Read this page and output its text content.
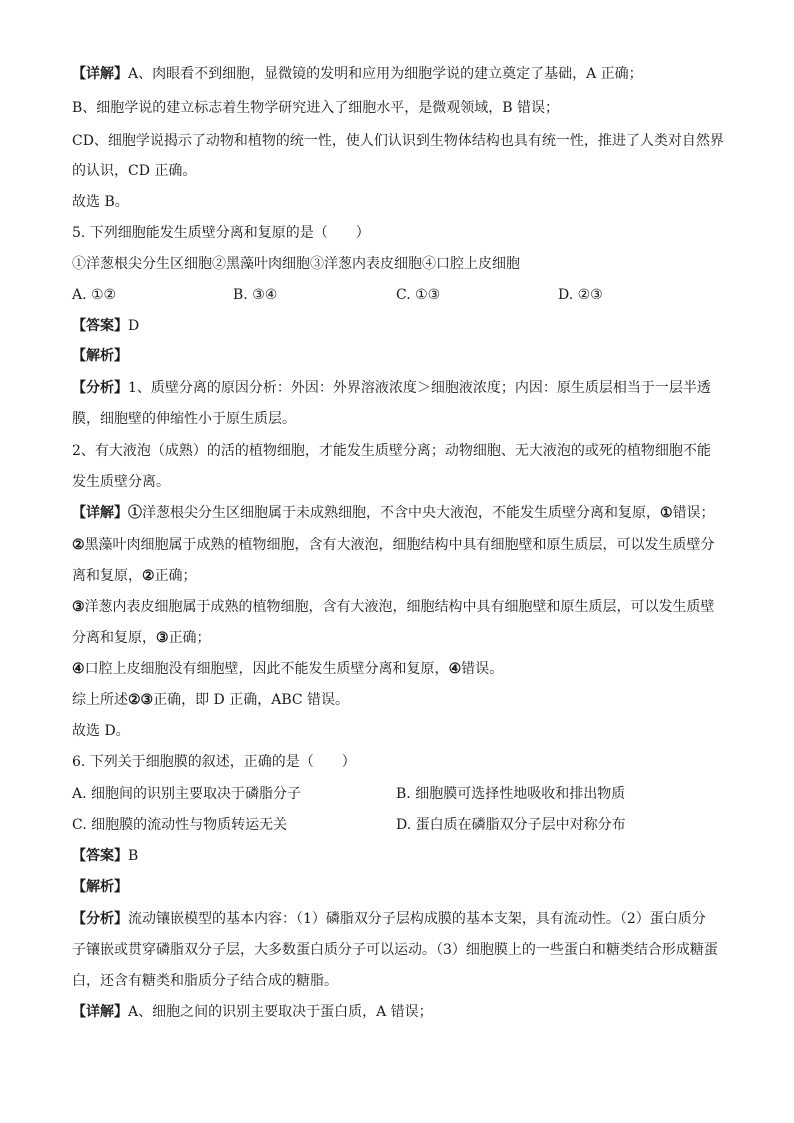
【详解】A、肉眼看不到细胞，显微镜的发明和应用为细胞学说的建立奠定了基础，A 正确；
B、细胞学说的建立标志着生物学研究进入了细胞水平，是微观领域，B 错误；
CD、细胞学说揭示了动物和植物的统一性，使人们认识到生物体结构也具有统一性，推进了人类对自然界
的认识，CD 正确。
故选 B。
5. 下列细胞能发生质壁分离和复原的是（　　）
①洋葱根尖分生区细胞②黑藻叶肉细胞③洋葱内表皮细胞④口腔上皮细胞
A. ①②	B. ③④	C. ①③	D. ②③
【答案】D
【解析】
【分析】1、质壁分离的原因分析：外因：外界溶液浓度＞细胞液浓度；内因：原生质层相当于一层半透
膜，细胞壁的伸缩性小于原生质层。
2、有大液泡（成熟）的活的植物细胞，才能发生质壁分离；动物细胞、无大液泡的或死的植物细胞不能
发生质壁分离。
【详解】①洋葱根尖分生区细胞属于未成熟细胞，不含中央大液泡，不能发生质壁分离和复原，①错误；
②黑藻叶肉细胞属于成熟的植物细胞，含有大液泡，细胞结构中具有细胞壁和原生质层，可以发生质壁分
离和复原，②正确；
③洋葱内表皮细胞属于成熟的植物细胞，含有大液泡，细胞结构中具有细胞壁和原生质层，可以发生质壁
分离和复原，③正确；
④口腔上皮细胞没有细胞壁，因此不能发生质壁分离和复原，④错误。
综上所述②③正确，即 D 正确，ABC 错误。
故选 D。
6. 下列关于细胞膜的叙述，正确的是（　　）
A. 细胞间的识别主要取决于磷脂分子	B. 细胞膜可选择性地吸收和排出物质
C. 细胞膜的流动性与物质转运无关	D. 蛋白质在磷脂双分子层中对称分布
【答案】B
【解析】
【分析】流动镶嵌模型的基本内容：（1）磷脂双分子层构成膜的基本支架，具有流动性。（2）蛋白质分
子镶嵌或贯穿磷脂双分子层，大多数蛋白质分子可以运动。（3）细胞膜上的一些蛋白和糖类结合形成糖蛋
白，还含有糖类和脂质分子结合成的糖脂。
【详解】A、细胞之间的识别主要取决于蛋白质，A 错误；
